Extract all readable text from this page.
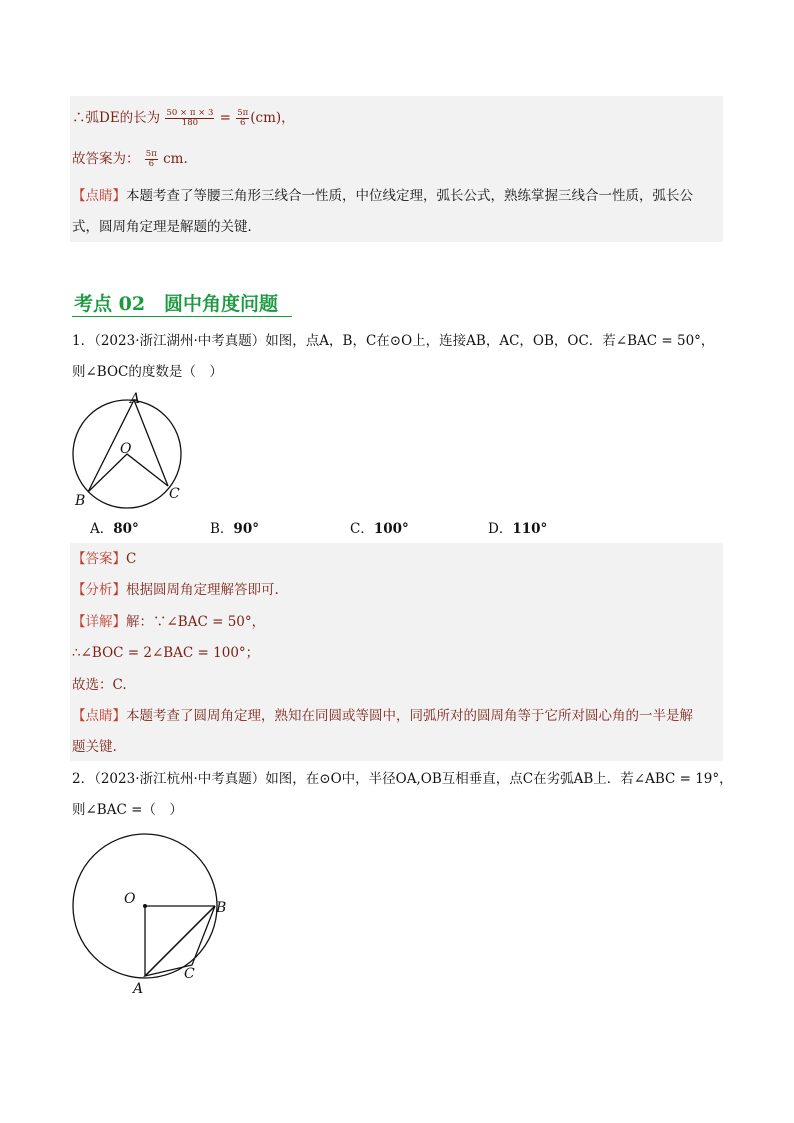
∴弧DE的长为 $\frac{50 \times \pi \times 3}{180} = \frac{5\pi}{6} (cm)$，
故答案为： $\frac{5\pi}{6}$ cm.
【点睛】本题考查了等腰三角形三线合一性质，中位线定理，弧长公式，熟练掌握三线合一性质，弧长公
式，圆周角定理是解题的关键．
考点 02　圆中角度问题
1．（2023·浙江湖州·中考真题）如图，点A，B，C在⊙O上，连接AB，AC，OB，OC．若∠BAC = 50°，
则∠BOC的度数是（　）
A
O
B	C
A．80°	B．90°	C．100°	D．110°
【答案】C
【分析】根据圆周角定理解答即可.
【详解】解：∵∠BAC = 50°，
∴∠BOC = 2∠BAC = 100°；
故选：C.
【点睛】本题考查了圆周角定理，熟知在同圆或等圆中，同弧所对的圆周角等于它所对圆心角的一半是解
题关键.
2．（2023·浙江杭州·中考真题）如图，在⊙O中，半径OA,OB互相垂直，点C在劣弧AB上．若∠ABC = 19°，
则∠BAC =（　）
O
B
C
A
